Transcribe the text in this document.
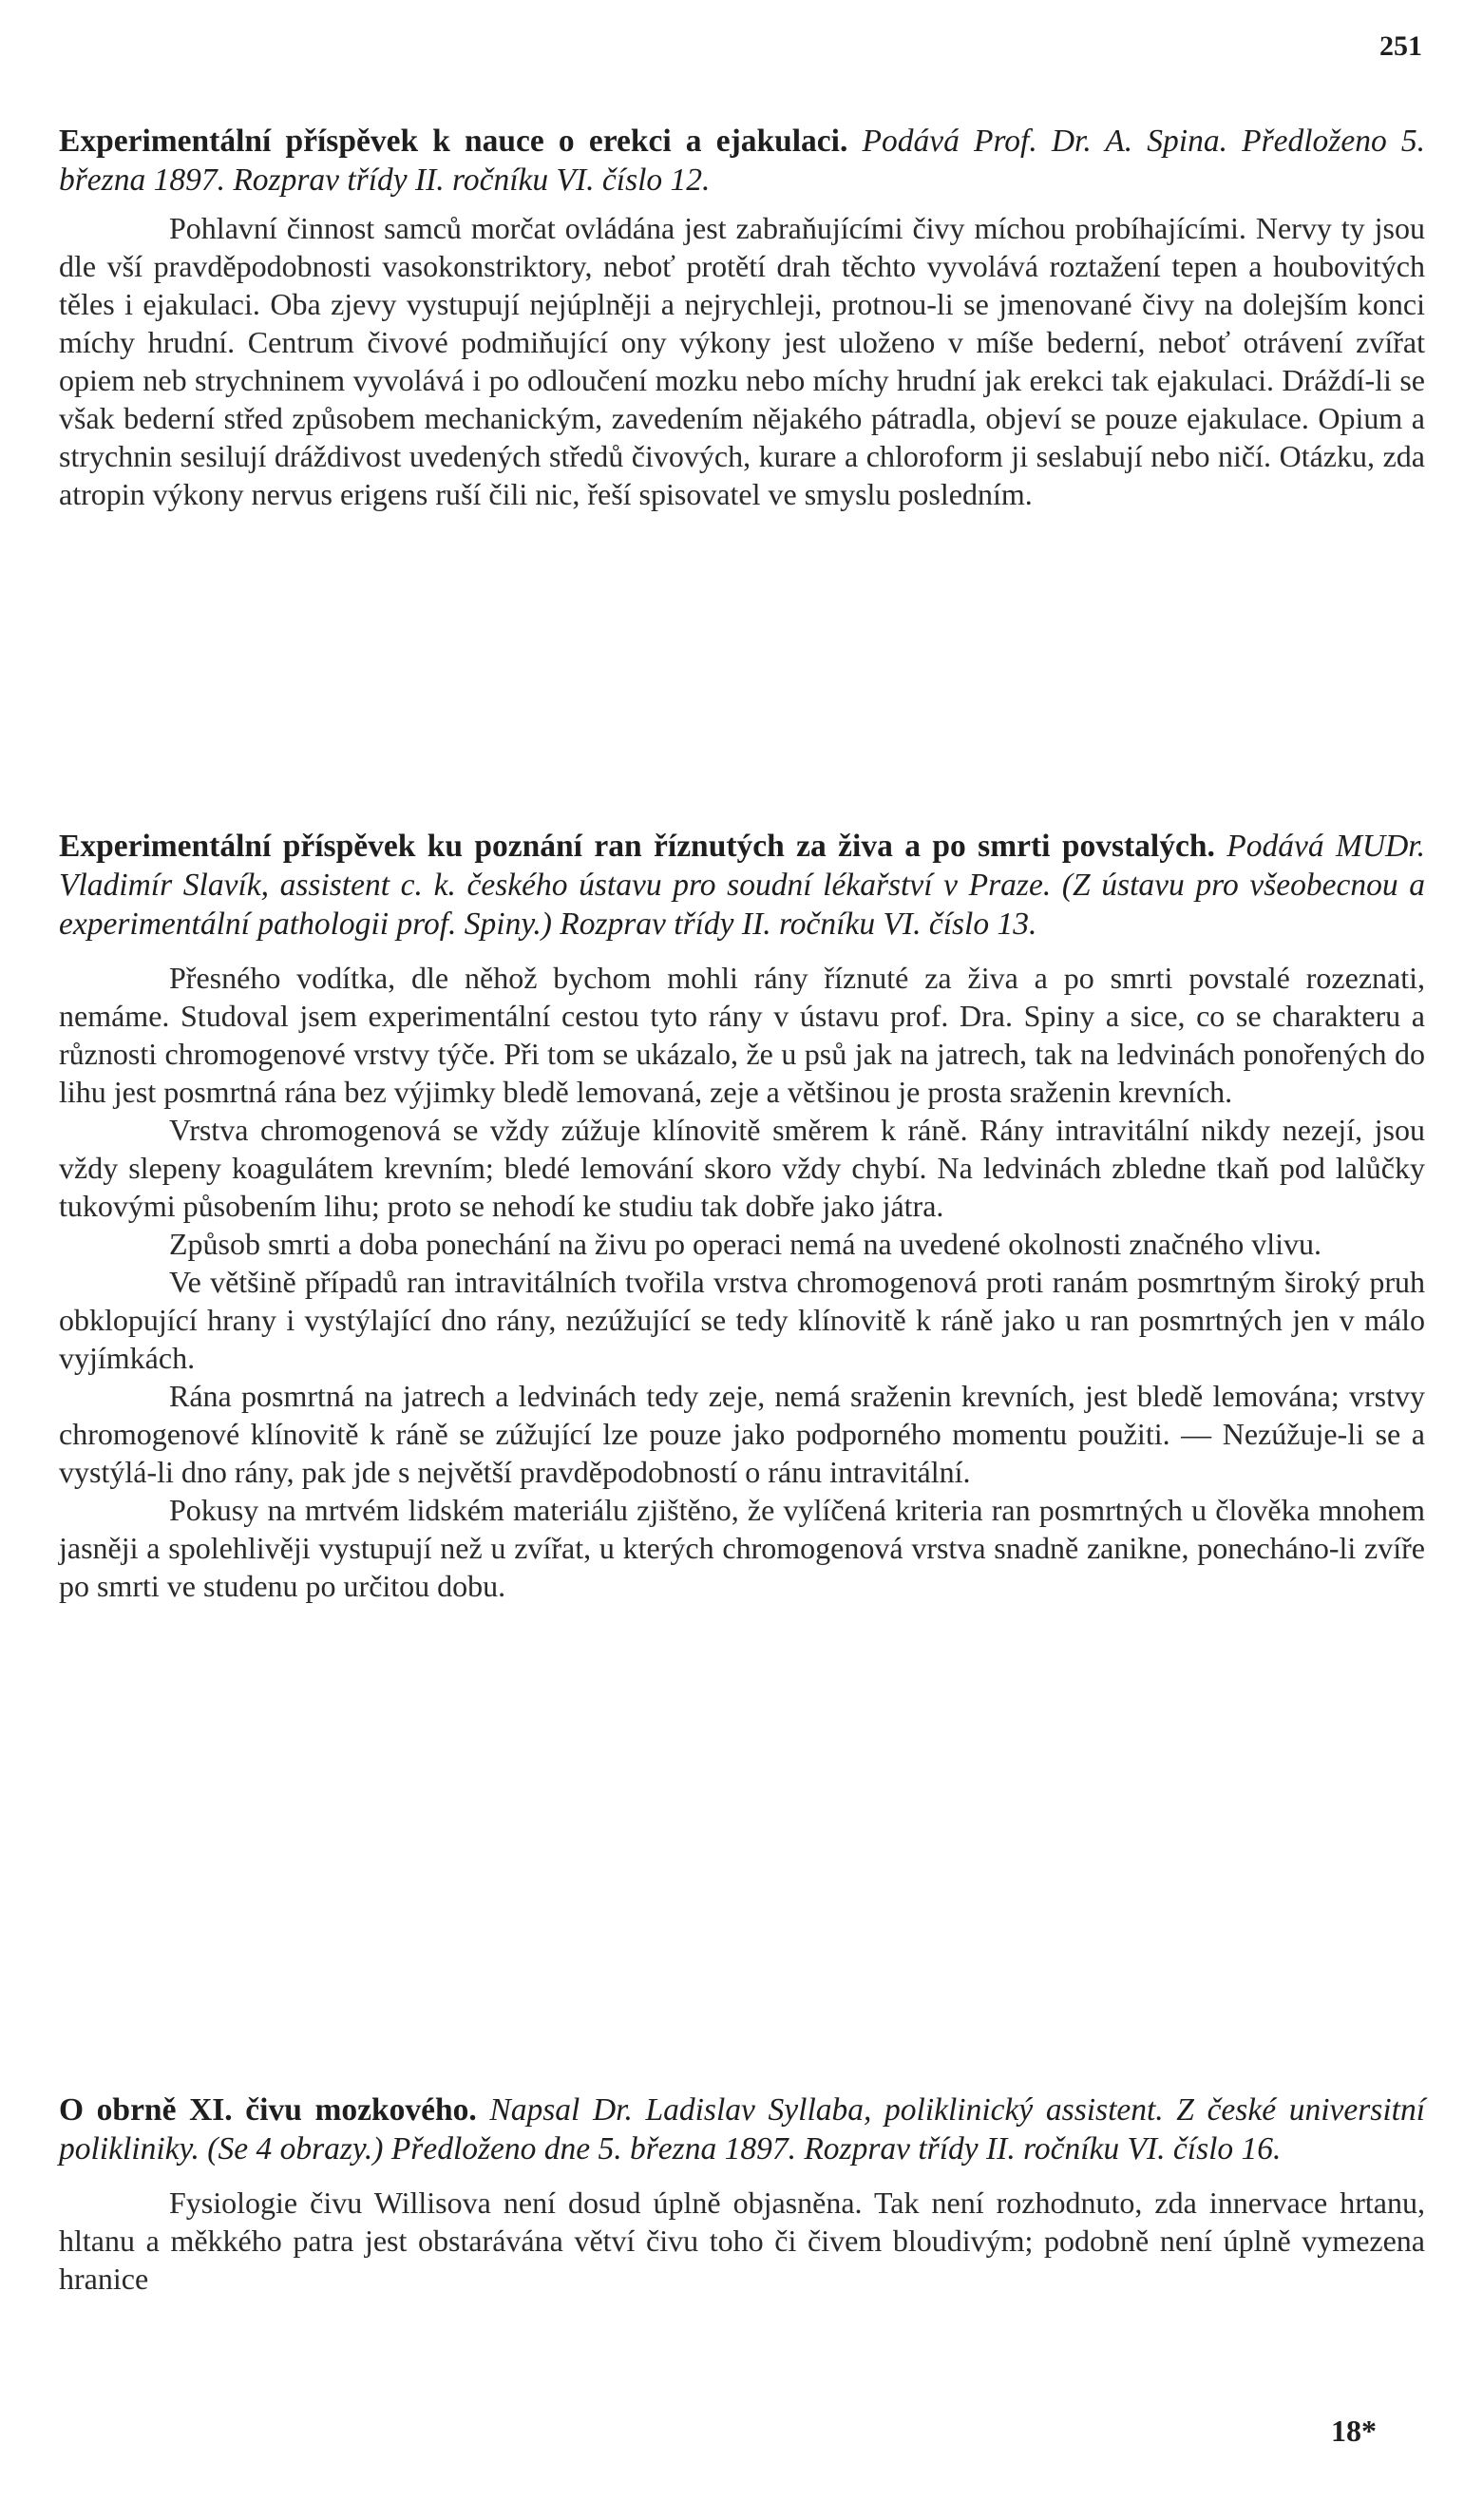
251

Experimentální příspěvek k nauce o erekci a ejakulaci. Podává Prof. Dr. A. Spina. Předloženo 5. března 1897. Rozprav třídy II. ročníku VI. číslo 12.

Pohlavní činnost samců morčat ovládána jest zabraňujícími čivy míchou probíhajícími. Nervy ty jsou dle vší pravděpodobnosti vasokonstriktory, neboť protětí drah těchto vyvolává roztažení tepen a houbovitých těles i ejakulaci. Oba zjevy vystupují nejúplněji a nejrychleji, protnou-li se jmenované čivy na dolejším konci míchy hrudní. Centrum čivové podmiňující ony výkony jest uloženo v míše bederní, neboť otrávení zvířat opiem neb strychninem vyvolává i po odloučení mozku nebo míchy hrudní jak erekci tak ejakulaci. Dráždí-li se však bederní střed způsobem mechanickým, zavedením nějakého pátradla, objeví se pouze ejakulace. Opium a strychnin sesilují dráždivost uvedených středů čivových, kurare a chloroform ji seslabují nebo ničí. Otázku, zda atropin výkony nervus erigens ruší čili nic, řeší spisovatel ve smyslu posledním.

Experimentální příspěvek ku poznání ran říznutých za živa a po smrti povstalých. Podává MUDr. Vladimír Slavík, assistent c. k. českého ústavu pro soudní lékařství v Praze. (Z ústavu pro všeobecnou a experimentální pathologii prof. Spiny.) Rozprav třídy II. ročníku VI. číslo 13.

Přesného vodítka, dle něhož bychom mohli rány říznuté za živa a po smrti povstalé rozeznati, nemáme. Studoval jsem experimentální cestou tyto rány v ústavu prof. Dra. Spiny a sice, co se charakteru a různosti chromogenové vrstvy týče. Při tom se ukázalo, že u psů jak na jatrech, tak na ledvinách ponořených do lihu jest posmrtná rána bez výjimky bledě lemovaná, zeje a většinou je prosta sraženin krevních.

Vrstva chromogenová se vždy zúžuje klínovitě směrem k ráně. Rány intravitální nikdy nezejí, jsou vždy slepeny koagulátem krevním; bledé lemování skoro vždy chybí. Na ledvinách zbledne tkaň pod lalůčky tukovými působením lihu; proto se nehodí ke studiu tak dobře jako játra.

Způsob smrti a doba ponechání na živu po operaci nemá na uvedené okolnosti značného vlivu.

Ve většině případů ran intravitálních tvořila vrstva chromogenová proti ranám posmrtným široký pruh obklopující hrany i vystýlající dno rány, nezúžující se tedy klínovitě k ráně jako u ran posmrtných jen v málo vyjímkách.

Rána posmrtná na jatrech a ledvinách tedy zeje, nemá sraženin krevních, jest bledě lemována; vrstvy chromogenové klínovitě k ráně se zúžující lze pouze jako podporného momentu použiti. — Nezúžuje-li se a vystýlá-li dno rány, pak jde s největší pravděpodobností o ránu intravitální.

Pokusy na mrtvém lidském materiálu zjištěno, že vylíčená kriteria ran posmrtných u člověka mnohem jasněji a spolehlivěji vystupují než u zvířat, u kterých chromogenová vrstva snadně zanikne, ponecháno-li zvíře po smrti ve studenu po určitou dobu.

O obrně XI. čivu mozkového. Napsal Dr. Ladislav Syllaba, poliklinický assistent. Z české universitní polikliniky. (Se 4 obrazy.) Předloženo dne 5. března 1897. Rozprav třídy II. ročníku VI. číslo 16.

Fysiologie čivu Willisova není dosud úplně objasněna. Tak není rozhodnuto, zda innervace hrtanu, hltanu a měkkého patra jest obstarávána větví čivu toho či čivem bloudivým; podobně není úplně vymezena hranice

18*
